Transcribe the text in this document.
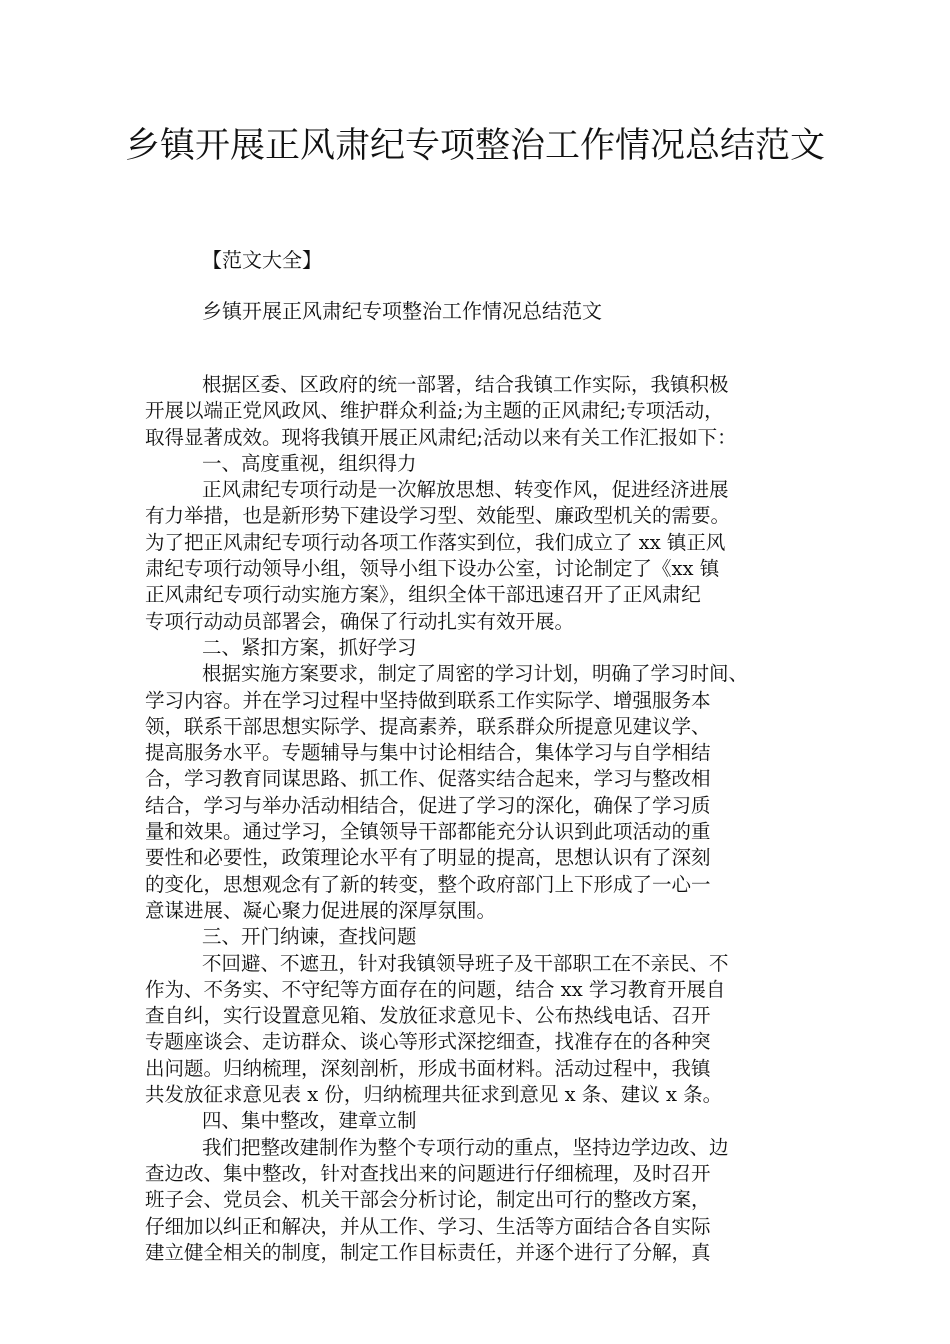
乡镇开展正风肃纪专项整治工作情况总结范文
【范文大全】
乡镇开展正风肃纪专项整治工作情况总结范文
根据区委、区政府的统一部署，结合我镇工作实际，我镇积极
开展以端正党风政风、维护群众利益;为主题的正风肃纪;专项活动，
取得显著成效。现将我镇开展正风肃纪;活动以来有关工作汇报如下：
一、高度重视，组织得力
正风肃纪专项行动是一次解放思想、转变作风，促进经济进展
有力举措，也是新形势下建设学习型、效能型、廉政型机关的需要。
为了把正风肃纪专项行动各项工作落实到位，我们成立了 xx 镇正风
肃纪专项行动领导小组，领导小组下设办公室，讨论制定了《xx 镇
正风肃纪专项行动实施方案》，组织全体干部迅速召开了正风肃纪
专项行动动员部署会，确保了行动扎实有效开展。
二、紧扣方案，抓好学习
根据实施方案要求，制定了周密的学习计划，明确了学习时间、
学习内容。并在学习过程中坚持做到联系工作实际学、增强服务本
领，联系干部思想实际学、提高素养，联系群众所提意见建议学、
提高服务水平。专题辅导与集中讨论相结合，集体学习与自学相结
合，学习教育同谋思路、抓工作、促落实结合起来，学习与整改相
结合，学习与举办活动相结合，促进了学习的深化，确保了学习质
量和效果。通过学习，全镇领导干部都能充分认识到此项活动的重
要性和必要性，政策理论水平有了明显的提高，思想认识有了深刻
的变化，思想观念有了新的转变，整个政府部门上下形成了一心一
意谋进展、凝心聚力促进展的深厚氛围。
三、开门纳谏，查找问题
不回避、不遮丑，针对我镇领导班子及干部职工在不亲民、不
作为、不务实、不守纪等方面存在的问题，结合 xx 学习教育开展自
查自纠，实行设置意见箱、发放征求意见卡、公布热线电话、召开
专题座谈会、走访群众、谈心等形式深挖细查，找准存在的各种突
出问题。归纳梳理，深刻剖析，形成书面材料。活动过程中，我镇
共发放征求意见表 x 份，归纳梳理共征求到意见 x 条、建议 x 条。
四、集中整改，建章立制
我们把整改建制作为整个专项行动的重点，坚持边学边改、边
查边改、集中整改，针对查找出来的问题进行仔细梳理，及时召开
班子会、党员会、机关干部会分析讨论，制定出可行的整改方案，
仔细加以纠正和解决，并从工作、学习、生活等方面结合各自实际
建立健全相关的制度，制定工作目标责任，并逐个进行了分解，真
